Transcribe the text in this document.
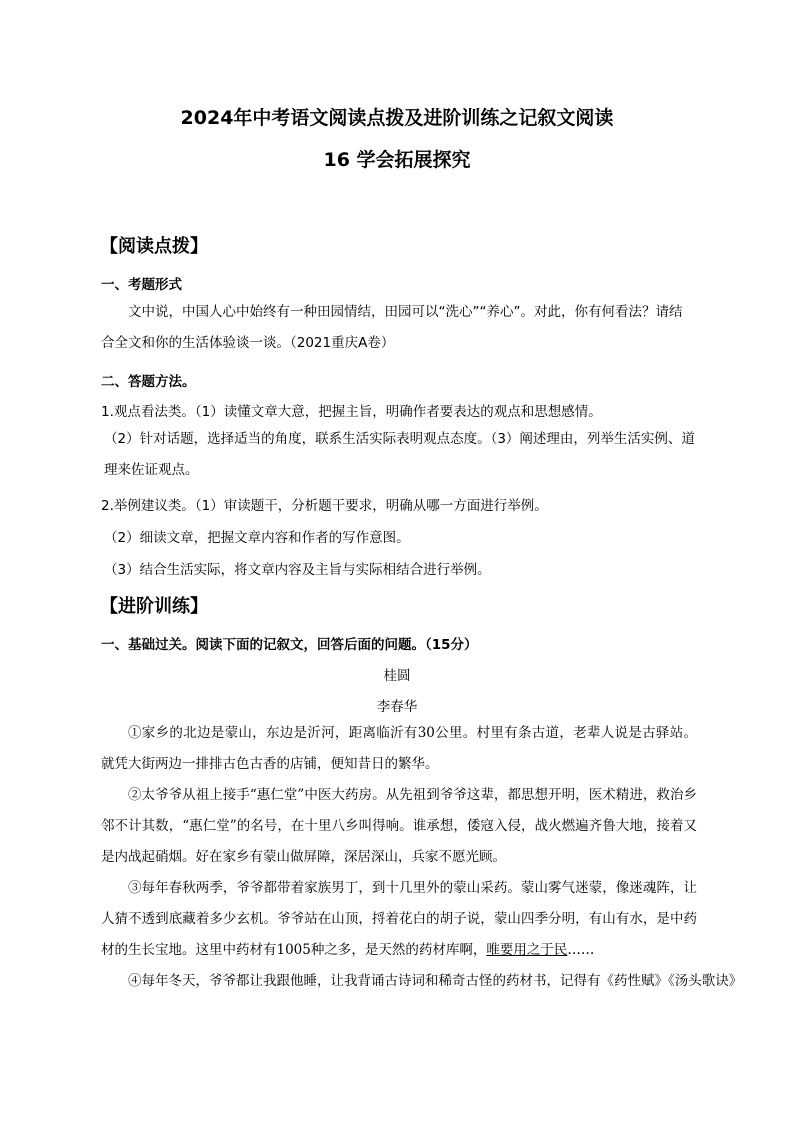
2024年中考语文阅读点拨及进阶训练之记叙文阅读
16 学会拓展探究
【阅读点拨】
一、考题形式
文中说，中国人心中始终有一种田园情结，田园可以“洗心”“养心”。对此，你有何看法？请结合全文和你的生活体验谈一谈。（2021重庆A卷）
二、答题方法。
1.观点看法类。（1）读懂文章大意，把握主旨，明确作者要表达的观点和思想感情。
（2）针对话题，选择适当的角度，联系生活实际表明观点态度。（3）阐述理由，列举生活实例、道理来佐证观点。
2.举例建议类。（1）审读题干，分析题干要求，明确从哪一方面进行举例。
（2）细读文章，把握文章内容和作者的写作意图。
（3）结合生活实际，将文章内容及主旨与实际相结合进行举例。
【进阶训练】
一、基础过关。阅读下面的记叙文，回答后面的问题。（15分）
桂圆
李春华
①家乡的北边是蒙山，东边是沂河，距离临沂有30公里。村里有条古道，老辈人说是古驿站。就凭大街两边一排排古色古香的店铺，便知昔日的繁华。
②太爷爷从祖上接手“惠仁堂”中医大药房。从先祖到爷爷这辈，都思想开明，医术精进，救治乡邻不计其数，“惠仁堂”的名号，在十里八乡叫得响。谁承想，倭寇入侵，战火燃遍齐鲁大地，接着又是内战起硝烟。好在家乡有蒙山做屏障，深居深山，兵家不愿光顾。
③每年春秋两季，爷爷都带着家族男丁，到十几里外的蒙山采药。蒙山雾气迷蒙，像迷魂阵，让人猜不透到底藏着多少玄机。爷爷站在山顶，捋着花白的胡子说，蒙山四季分明，有山有水，是中药材的生长宝地。这里中药材有1005种之多，是天然的药材库啊，唯要用之于民……
④每年冬天，爷爷都让我跟他睡，让我背诵古诗词和稀奇古怪的药材书，记得有《药性赋》《汤头歌诀》
